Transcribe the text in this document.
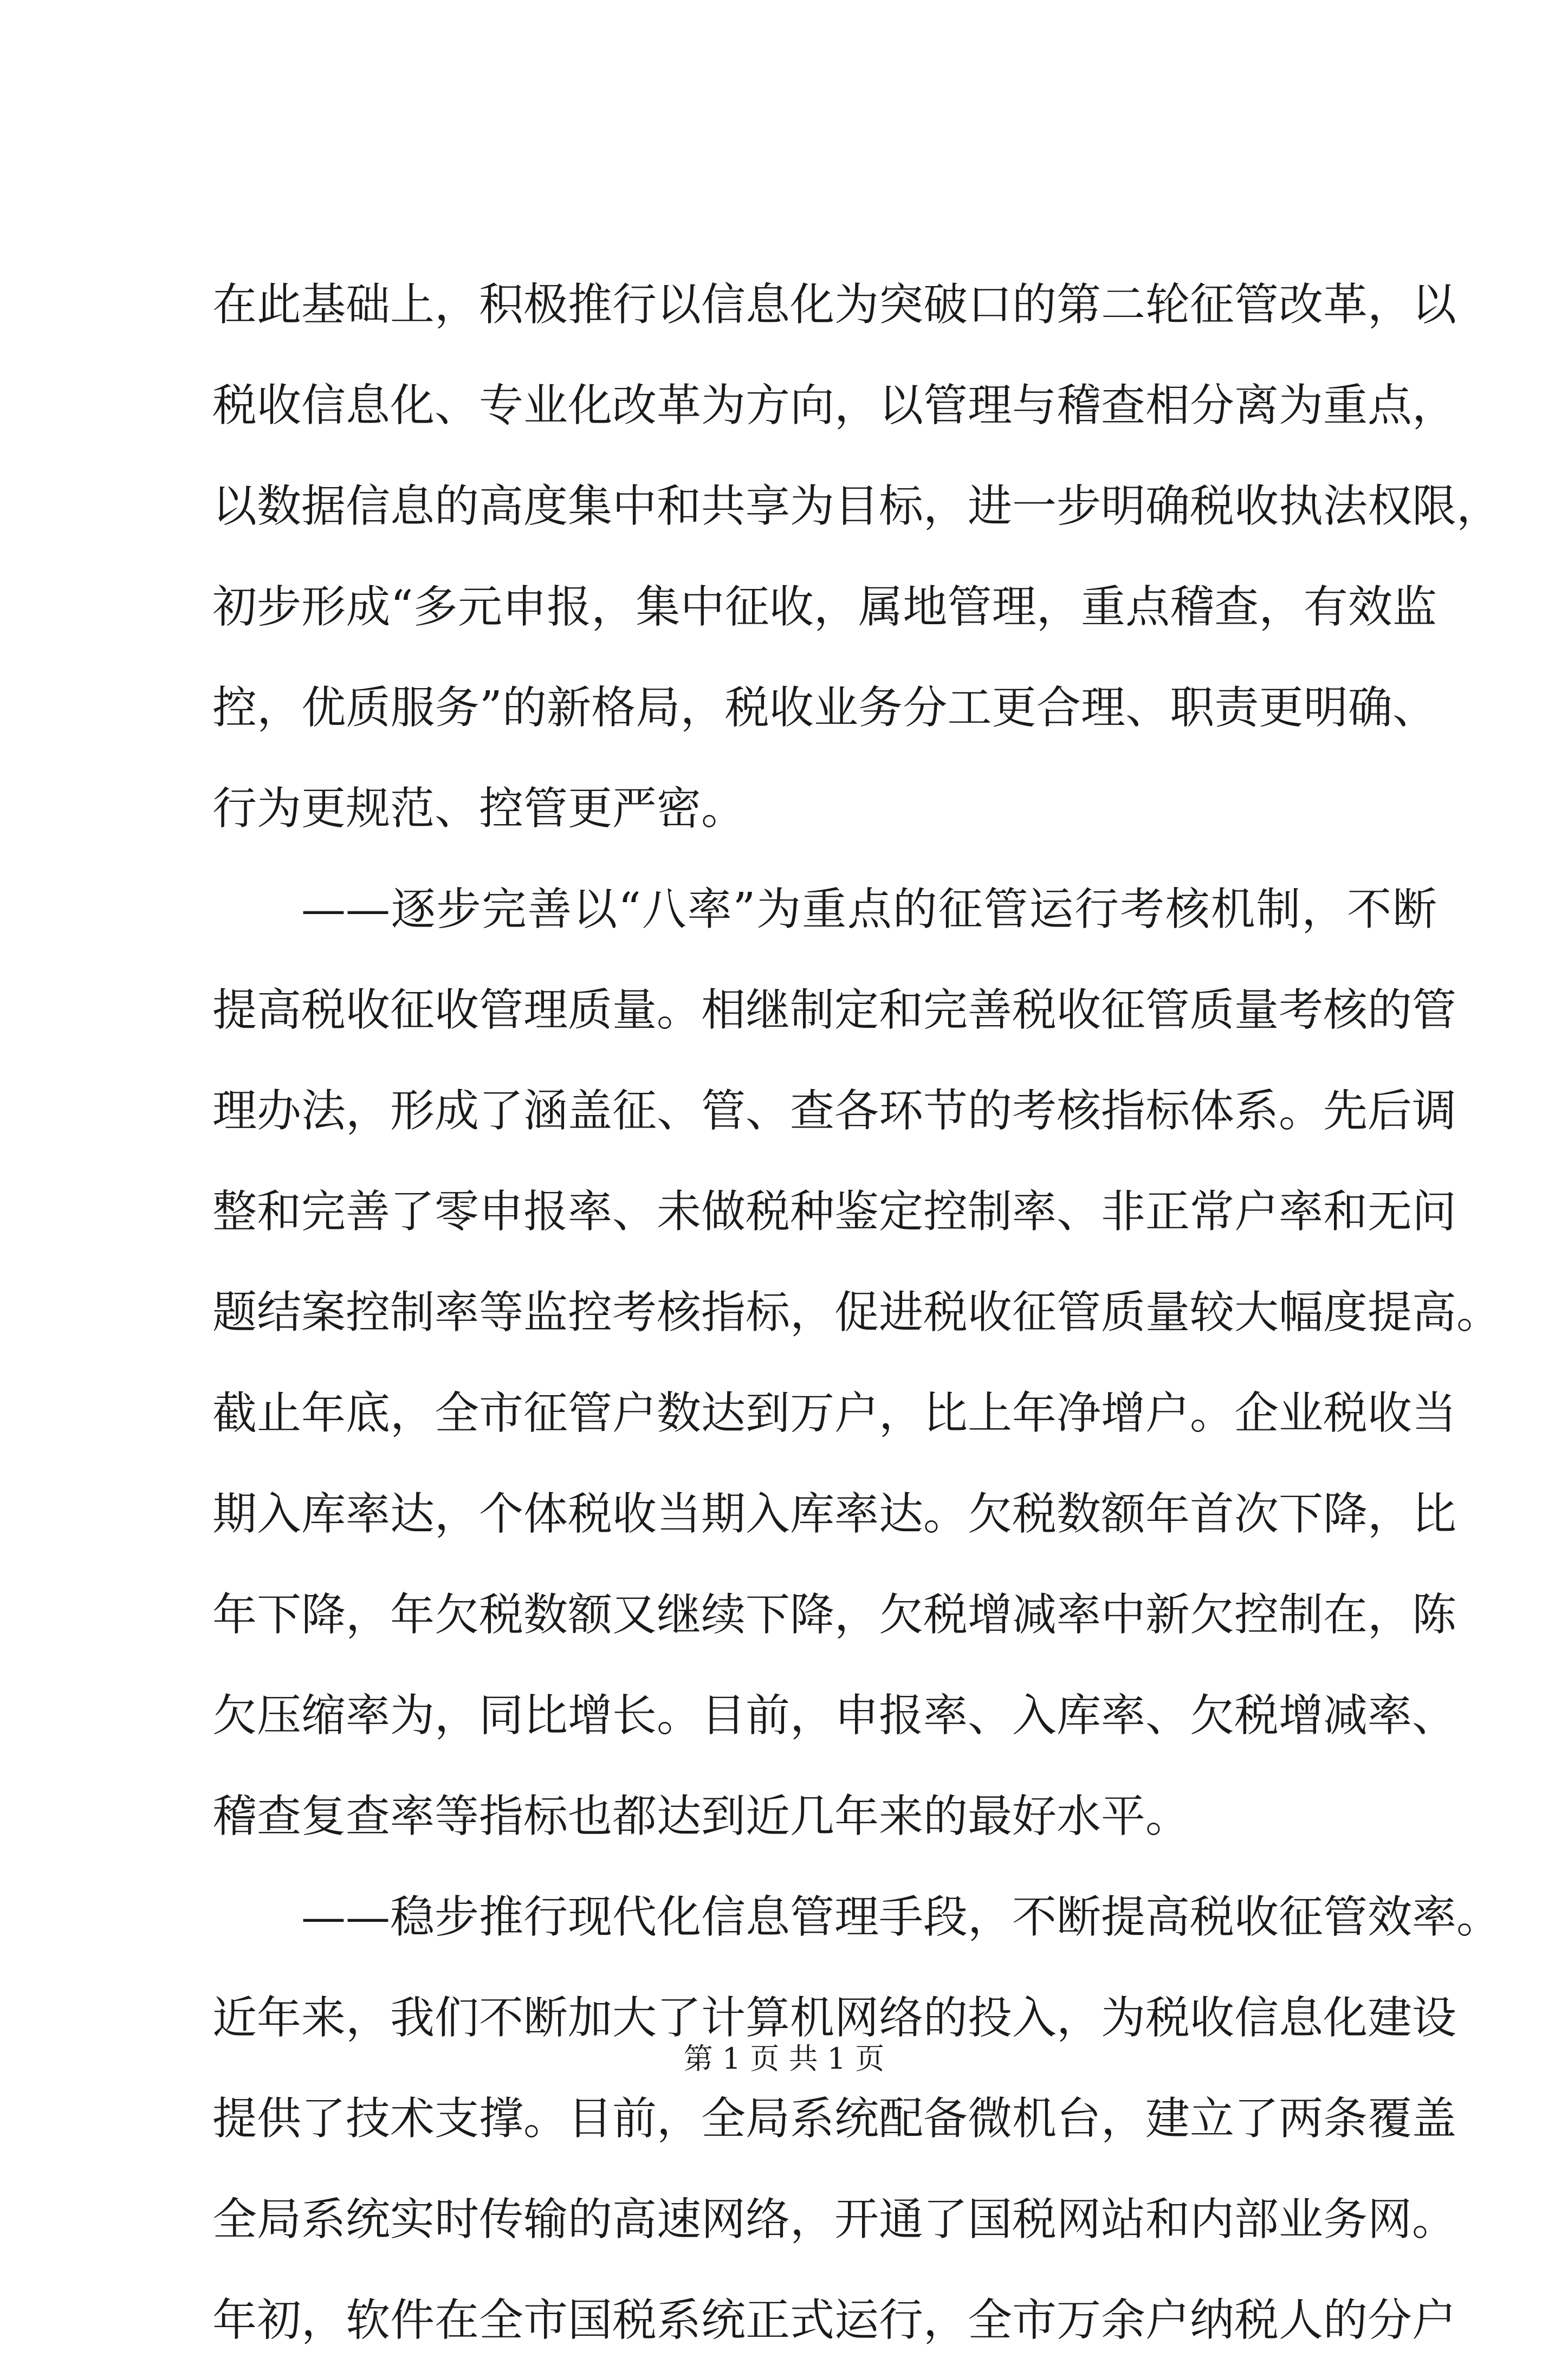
在此基础上，积极推行以信息化为突破口的第二轮征管改革，以
税收信息化、专业化改革为方向，以管理与稽查相分离为重点，
以数据信息的高度集中和共享为目标，进一步明确税收执法权限，
初步形成“多元申报，集中征收，属地管理，重点稽查，有效监
控，优质服务”的新格局，税收业务分工更合理、职责更明确、
行为更规范、控管更严密。
——逐步完善以“八率”为重点的征管运行考核机制，不断
提高税收征收管理质量。相继制定和完善税收征管质量考核的管
理办法，形成了涵盖征、管、查各环节的考核指标体系。先后调
整和完善了零申报率、未做税种鉴定控制率、非正常户率和无问
题结案控制率等监控考核指标，促进税收征管质量较大幅度提高。
截止年底，全市征管户数达到万户，比上年净增户。企业税收当
期入库率达，个体税收当期入库率达。欠税数额年首次下降，比
年下降，年欠税数额又继续下降，欠税增减率中新欠控制在，陈
欠压缩率为，同比增长。目前，申报率、入库率、欠税增减率、
稽查复查率等指标也都达到近几年来的最好水平。
——稳步推行现代化信息管理手段，不断提高税收征管效率。
近年来，我们不断加大了计算机网络的投入，为税收信息化建设
提供了技术支撑。目前，全局系统配备微机台，建立了两条覆盖
全局系统实时传输的高速网络，开通了国税网站和内部业务网。
年初，软件在全市国税系统正式运行，全市万余户纳税人的分户
第 1 页 共 1 页
